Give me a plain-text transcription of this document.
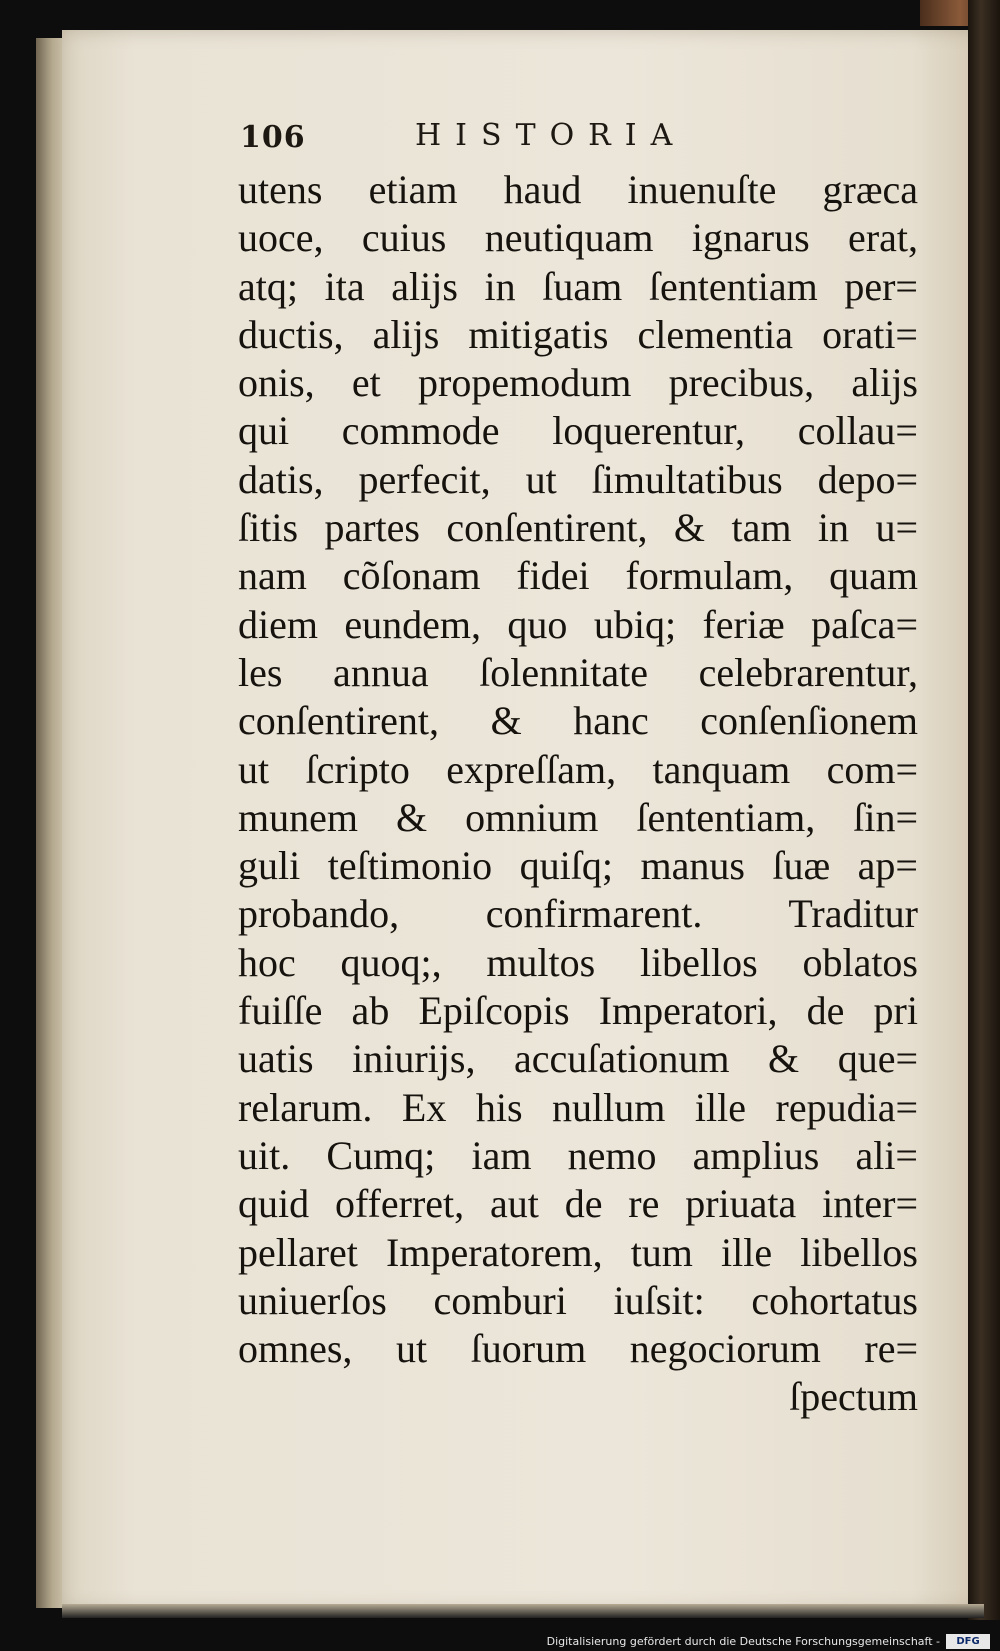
106	HISTORIA
utens etiam haud inuenuſte græca
uoce, cuius neutiquam ignarus erat,
atq; ita aliјs in ſuam ſententiam per=
ductis, aliјs mitigatis clementia orati=
onis, et propemodum precibus, aliјs
qui commode loquerentur, collau=
datis, perfecit, ut ſimultatibus depo=
ſitis partes conſentirent, & tam in u=
nam cõſonam fidei formulam, quam
diem eundem, quo ubiq; feriæ paſca=
les annua ſolennitate celebrarentur,
conſentirent, & hanc conſenſionem
ut ſcripto expreſſam, tanquam com=
munem & omnium ſententiam, ſin=
guli teſtimonio quiſq; manus ſuæ ap=
probando, confirmarent. Traditur
hoc quoq;, multos libellos oblatos
fuiſſe ab Epiſcopis Imperatori, de pri
uatis iniurijs, accuſationum & que=
relarum. Ex his nullum ille repudia=
uit. Cumq; iam nemo amplius ali=
quid offerret, aut de re priuata inter=
pellaret Imperatorem, tum ille libellos
uniuerſos comburi iuſsit: cohortatus
omnes, ut ſuorum negociorum re=
ſpectum
Digitalisierung gefördert durch die Deutsche Forschungsgemeinschaft -	DFG
